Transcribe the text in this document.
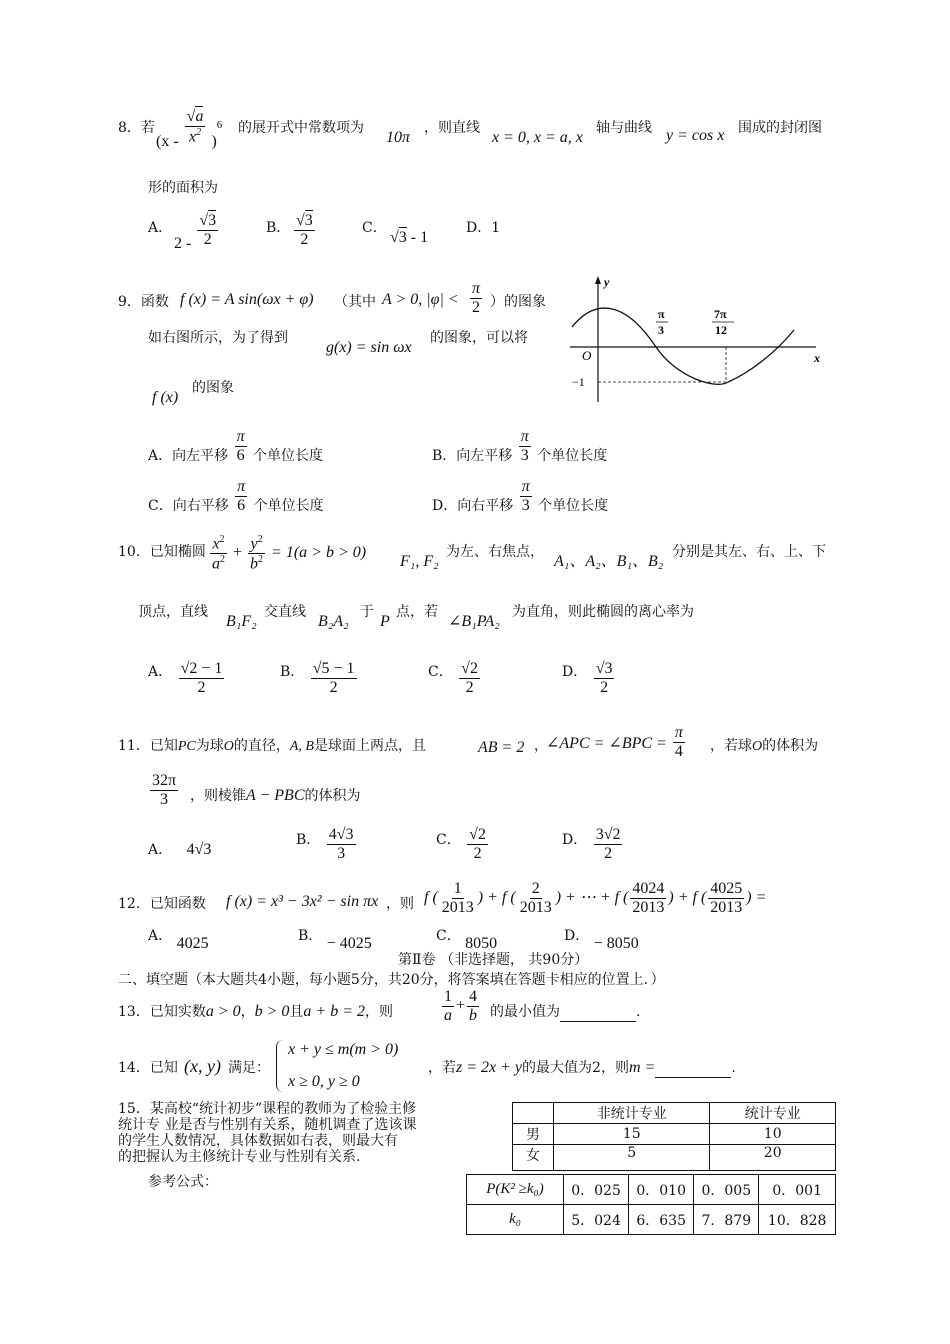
8．若
$(x - \frac{√a}{x^2} )^6$ 的展开式中常数项为
10π
，则直线
x = 0, x = a, x
轴与曲线 y = cos x 围成的封闭图
形的面积为
A．
$2 - \frac{√3}{2}$	B． $\frac{√3}{2}$	C．
√3 - 1
D．1
9．函数 f (x) = A sin(ωx + φ) （其中 A > 0, $|\varphi| < \frac{\pi}{2}$ ）的图象
如右图所示，为了得到
g(x) = sin ωx
的图象，可以将
f (x)
的图象
y
x
O
π
3
7π
12
−1
A．向左平移 $\frac{\pi}{6}$ 个单位长度	B．向左平移 $\frac{\pi}{3}$ 个单位长度
C．向右平移 $\frac{\pi}{6}$ 个单位长度	D．向右平移 $\frac{\pi}{3}$ 个单位长度
10．已知椭圆 $\frac{x^2}{a^2} + \frac{y^2}{b^2} = 1(a > b > 0)$
F₁, F₂
为左、右焦点，
A₁、A₂、B₁、B₂
分别是其左、右、上、下
顶点，直线
B₁F₂
交直线
B₂A₂
于
P
点，若
∠B₁PA₂
为直角，则此椭圆的离心率为
A． $\frac{√2 - 1}{2}$	B． $\frac{√5 - 1}{2}$	C． $\frac{√2}{2}$	D． $\frac{√3}{2}$
11．已知PC为球O的直径，A, B是球面上两点，且	AB = 2 ，
∠APC = ∠BPC = $\frac{\pi}{4}$ ，若球O的体积为
$\frac{32\pi}{3}$ ，则棱锥A − PBC的体积为
A． 4√3
B． $\frac{4√3}{3}$	C． $\frac{√2}{2}$	D． $\frac{3√2}{2}$
12．已知函数 f (x) = x³ − 3x² − sin πx ，则 f ( $\frac{1}{2013}$ ) + f ( $\frac{2}{2013}$ ) + ⋯ + f ( $\frac{4024}{2013}$ ) + f ( $\frac{4025}{2013}$ ) =
A． 4025	B． − 4025	C． 8050	D． − 8050
第Ⅱ卷 （非选择题， 共90分）
二、填空题（本大题共4小题，每小题5分，共20分，将答案填在答题卡相应的位置上．）
13．已知实数a > 0，b > 0且a + b = 2，则	$\frac{1}{a} + \frac{4}{b}$ 的最小值为	.
14．已知 (x, y) 满足：
x + y ≤ m(m > 0)
x ≥ 0, y ≥ 0
，若z = 2x + y的最大值为2，则m =	.
15．某高校“统计初步”课程的教师为了检验主修
统计专 业是否与性别有关系，随机调查了选该课
的学生人数情况，具体数据如右表，则最大有
的把握认为主修统计专业与性别有关系.
参考公式：
	非统计专业	统计专业
男	15	10
女	5	20
P(K² ≥k₀)	0．025	0．010	0．005	0．001
k₀	5．024	6．635	7．879	10．828
